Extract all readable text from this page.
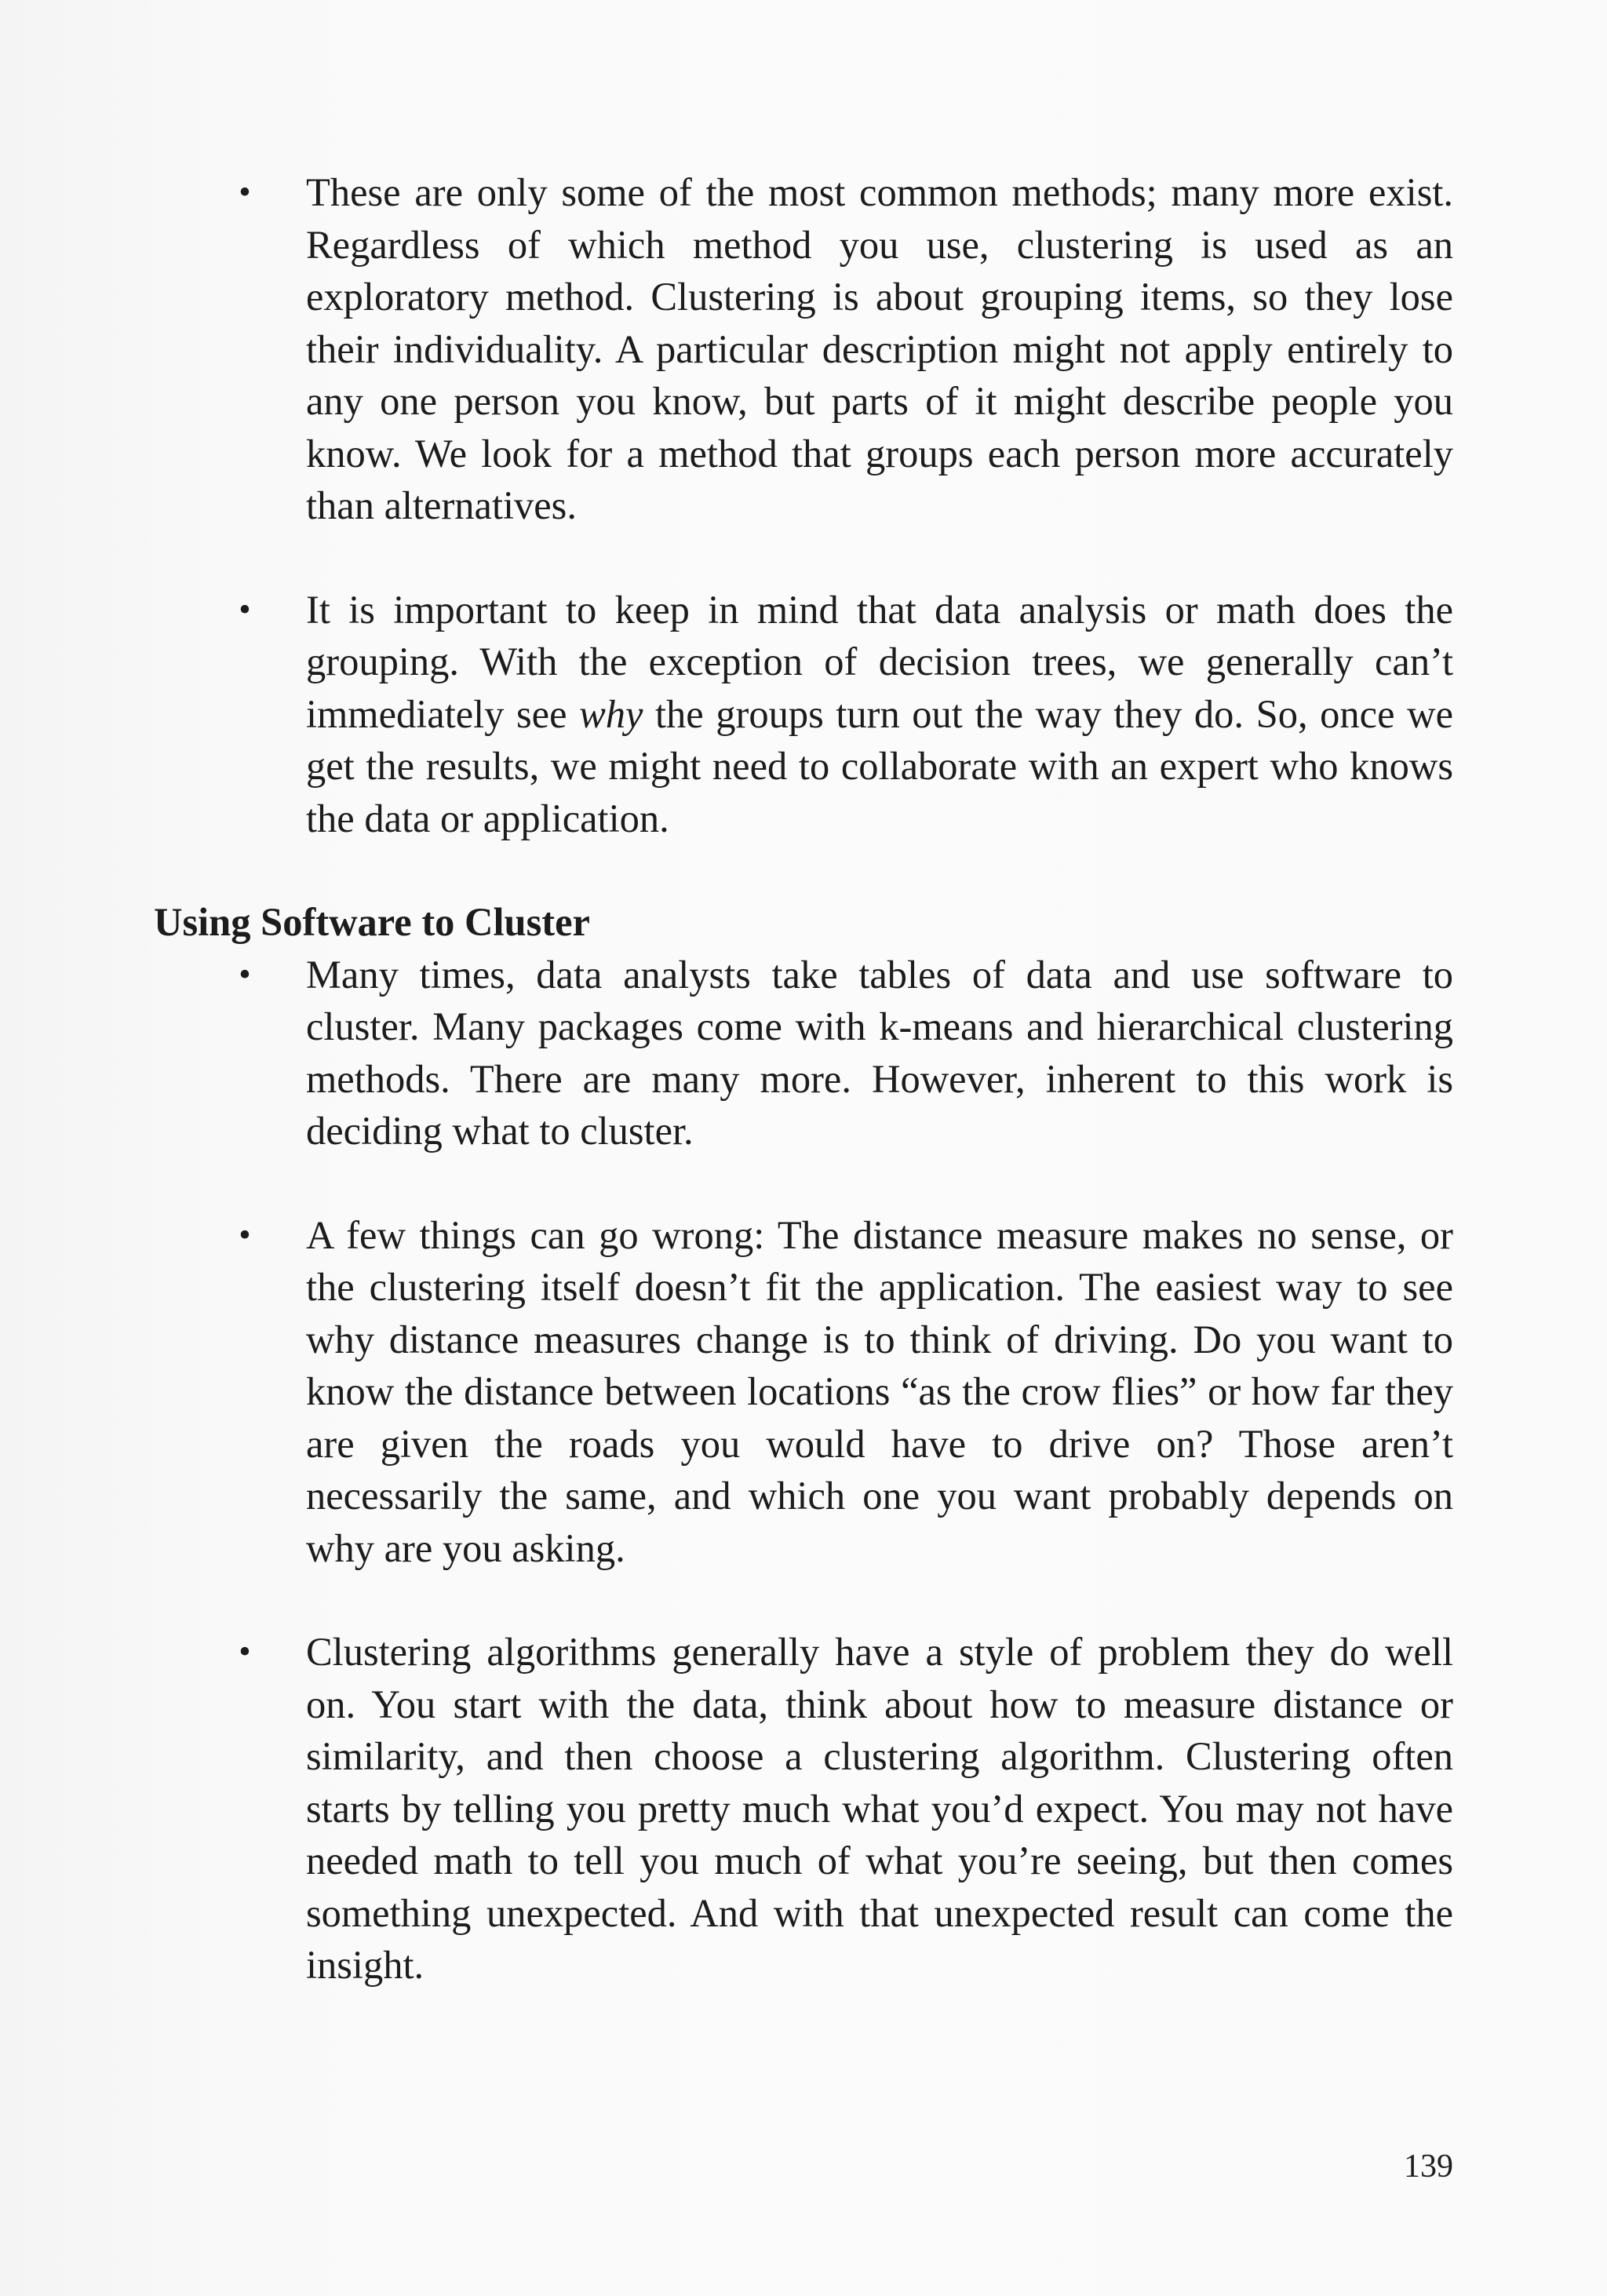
• These are only some of the most common methods; many more exist. Regardless of which method you use, clustering is used as an exploratory method. Clustering is about grouping items, so they lose their individuality. A particular description might not apply entirely to any one person you know, but parts of it might describe people you know. We look for a method that groups each person more accurately than alternatives.

• It is important to keep in mind that data analysis or math does the grouping. With the exception of decision trees, we generally can’t immediately see why the groups turn out the way they do. So, once we get the results, we might need to collaborate with an expert who knows the data or application.

Using Software to Cluster

• Many times, data analysts take tables of data and use software to cluster. Many packages come with k-means and hierarchical clustering methods. There are many more. However, inherent to this work is deciding what to cluster.

• A few things can go wrong: The distance measure makes no sense, or the clustering itself doesn’t fit the application. The easiest way to see why distance measures change is to think of driving. Do you want to know the distance between locations “as the crow flies” or how far they are given the roads you would have to drive on? Those aren’t necessarily the same, and which one you want probably depends on why are you asking.

• Clustering algorithms generally have a style of problem they do well on. You start with the data, think about how to measure distance or similarity, and then choose a clustering algorithm. Clustering often starts by telling you pretty much what you’d expect. You may not have needed math to tell you much of what you’re seeing, but then comes something unexpected. And with that unexpected result can come the insight.

139
